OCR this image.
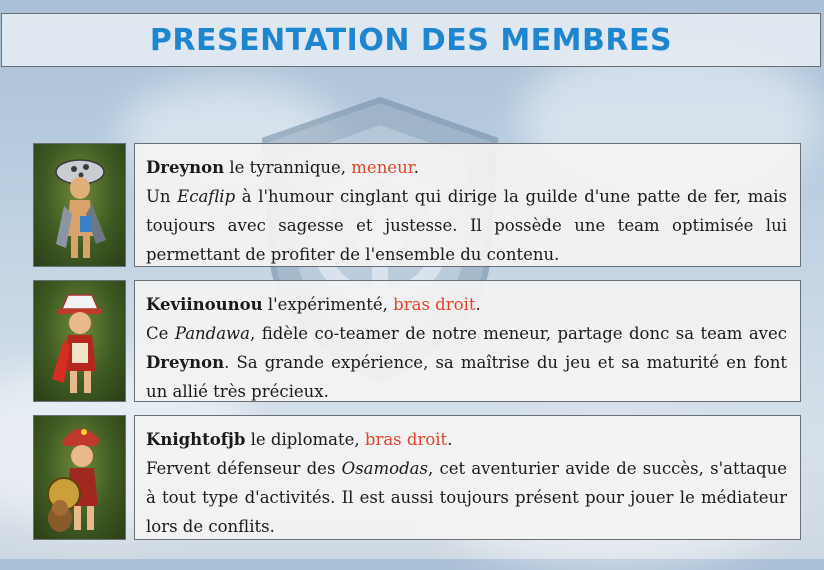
PRESENTATION DES MEMBRES

Dreynon le tyrannique, meneur.

Un Ecaflip à l'humour cinglant qui dirige la guilde d'une patte de fer, mais toujours avec sagesse et justesse. Il possède une team optimisée lui permettant de profiter de l'ensemble du contenu.

Keviinounou l'expérimenté, bras droit.

Ce Pandawa, fidèle co-teamer de notre meneur, partage donc sa team avec Dreynon. Sa grande expérience, sa maîtrise du jeu et sa maturité en font un allié très précieux.

Knightofjb le diplomate, bras droit.

Fervent défenseur des Osamodas, cet aventurier avide de succès, s'attaque à tout type d'activités. Il est aussi toujours présent pour jouer le médiateur lors de conflits.
